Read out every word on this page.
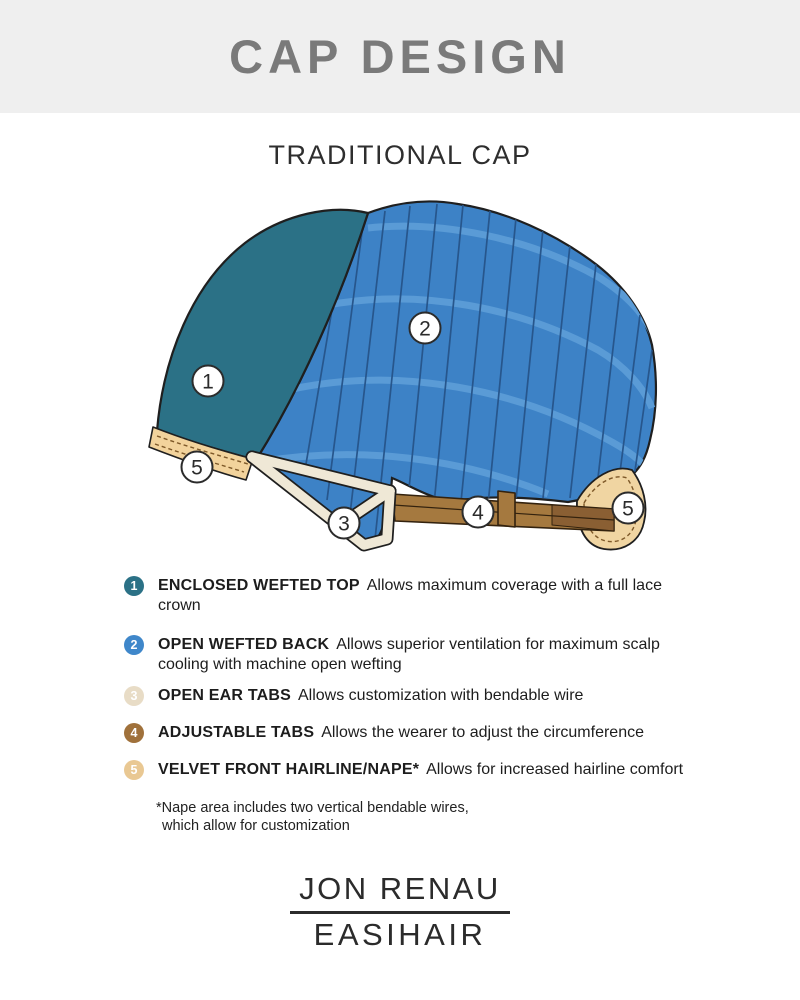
CAP DESIGN
TRADITIONAL CAP
1
2
3	4
5
5
1 ENCLOSED WEFTED TOP Allows maximum coverage with a full lace crown

2 OPEN WEFTED BACK Allows superior ventilation for maximum scalp cooling with machine open wefting

3 OPEN EAR TABS Allows customization with bendable wire

4 ADJUSTABLE TABS Allows the wearer to adjust the circumference

5 VELVET FRONT HAIRLINE/NAPE* Allows for increased hairline comfort

*Nape area includes two vertical bendable wires,
which allow for customization
JON RENAU
EASIHAIR
